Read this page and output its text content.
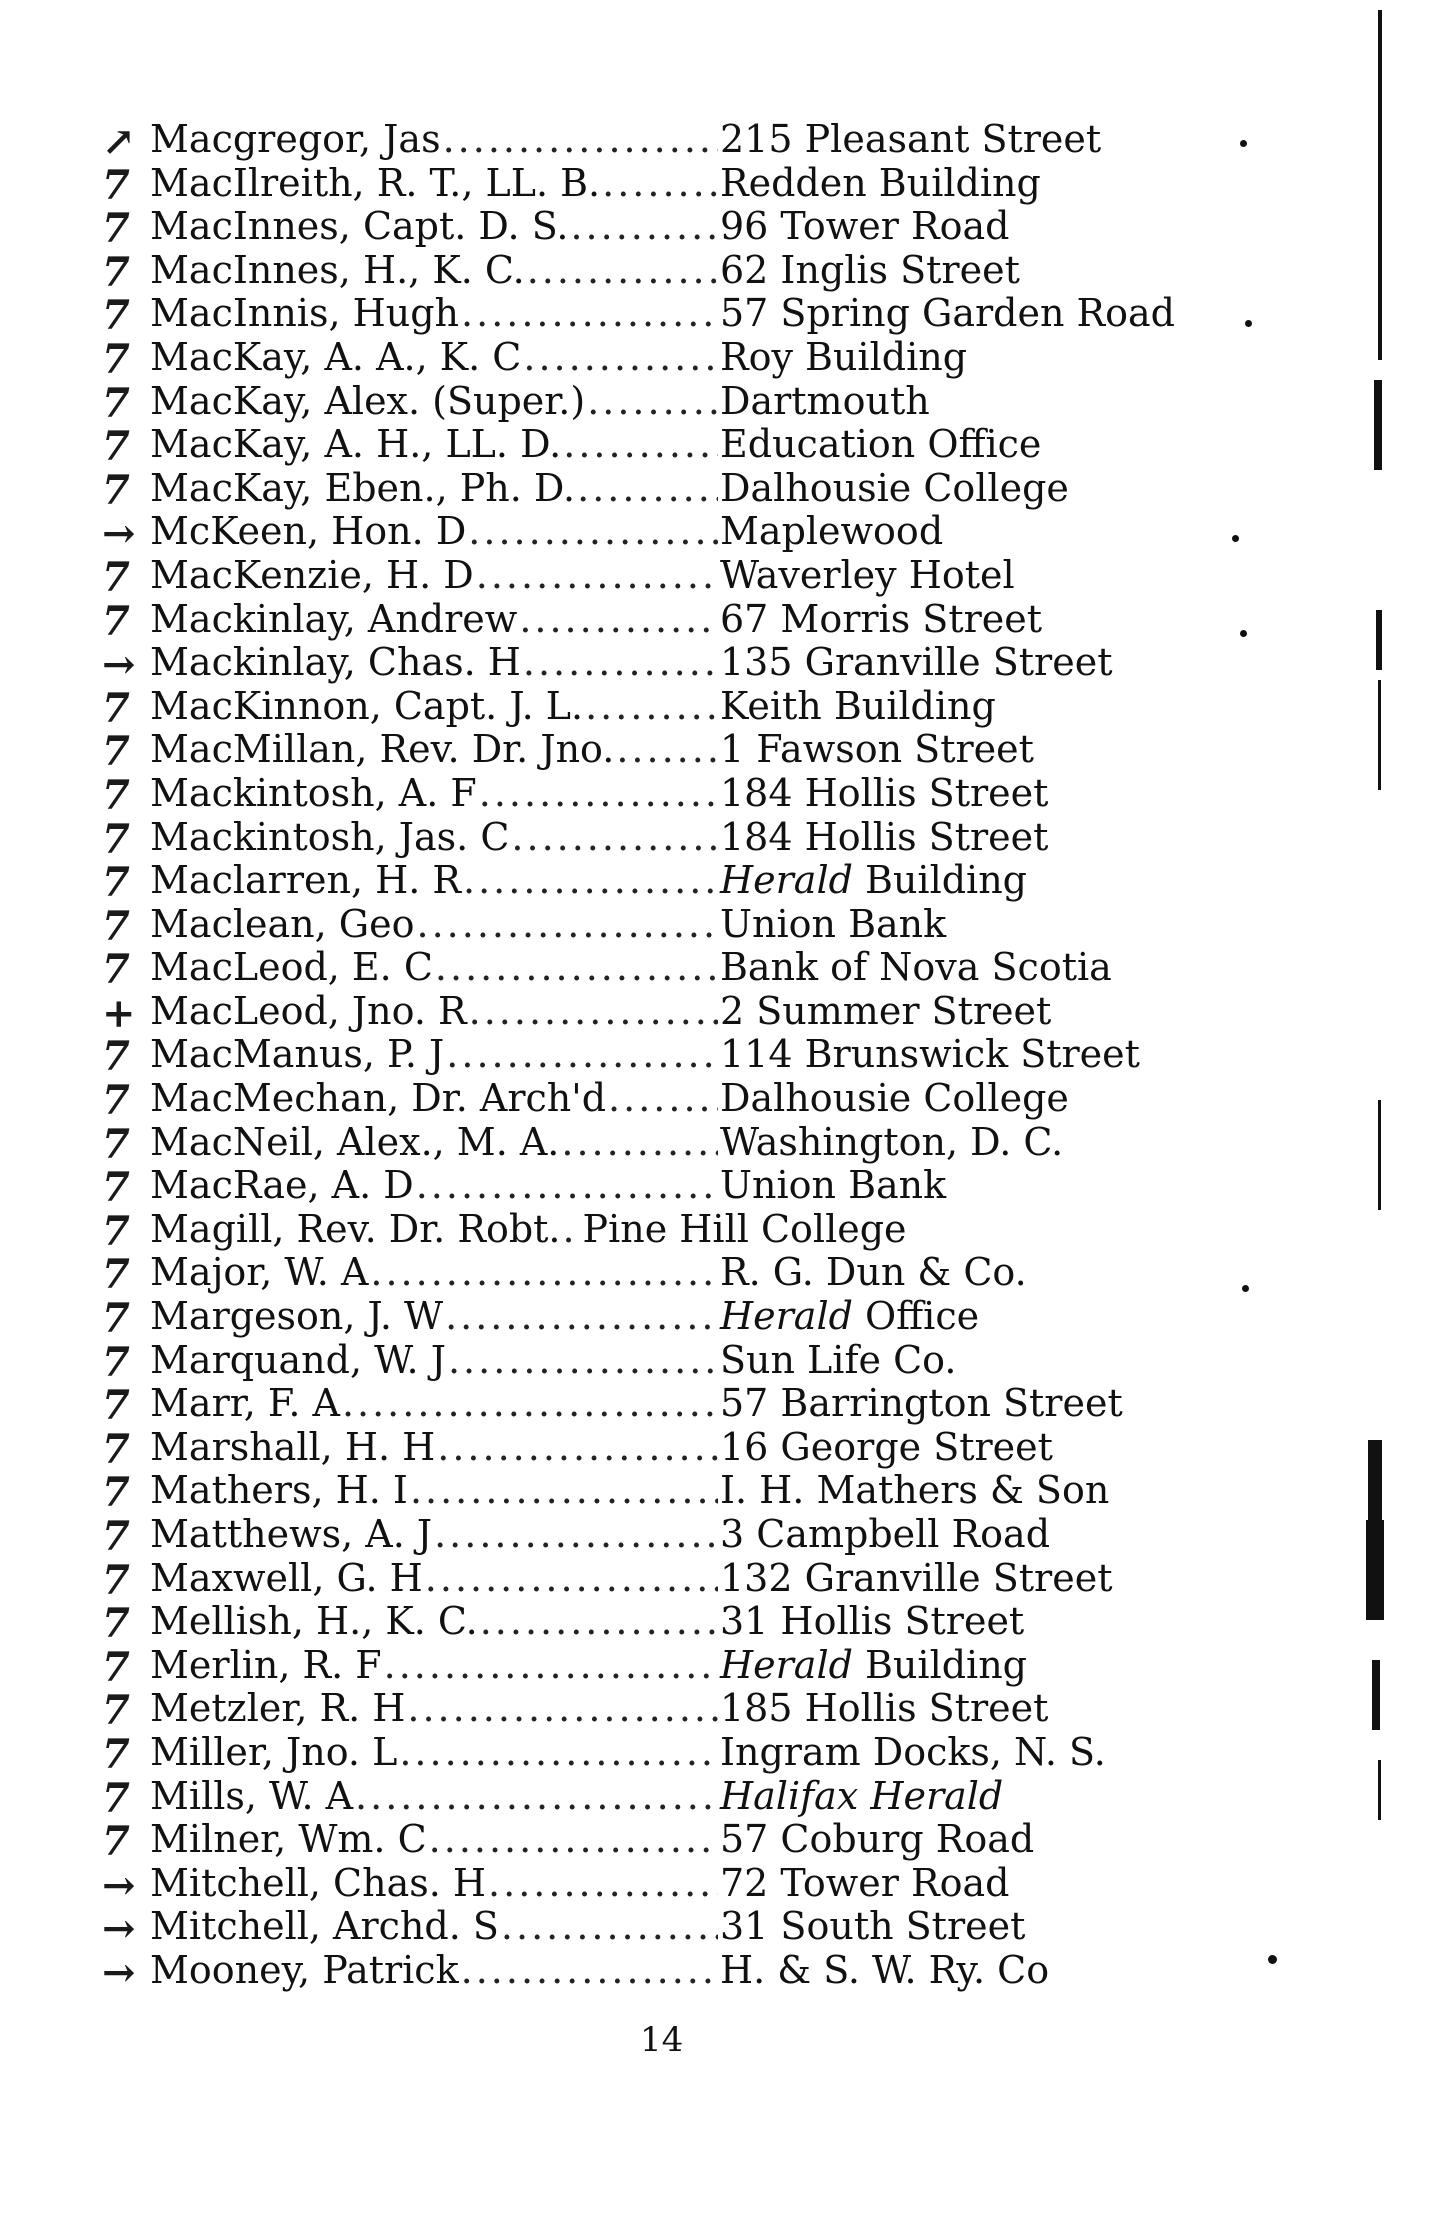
↗ Macgregor, Jas .....	215 Pleasant Street
7 MacIlreith, R. T., LL. B. .....	Redden Building
7 MacInnes, Capt. D. S. .....	96 Tower Road
7 MacInnes, H., K. C. .....	62 Inglis Street
7 MacInnis, Hugh .....	57 Spring Garden Road
7 MacKay, A. A., K. C .....	Roy Building
7 MacKay, Alex. (Super.) .....	Dartmouth
7 MacKay, A. H., LL. D. .....	Education Office
7 MacKay, Eben., Ph. D. .....	Dalhousie College
→ McKeen, Hon. D .....	Maplewood
7 MacKenzie, H. D .....	Waverley Hotel
7 Mackinlay, Andrew .....	67 Morris Street
→ Mackinlay, Chas. H .....	135 Granville Street
7 MacKinnon, Capt. J. L. .....	Keith Building
7 MacMillan, Rev. Dr. Jno. .....	1 Fawson Street
7 Mackintosh, A. F .....	184 Hollis Street
7 Mackintosh, Jas. C .....	184 Hollis Street
7 Maclarren, H. R .....	Herald Building
7 Maclean, Geo .....	Union Bank
7 MacLeod, E. C .....	Bank of Nova Scotia
+ MacLeod, Jno. R .....	2 Summer Street
7 MacManus, P. J .....	114 Brunswick Street
7 MacMechan, Dr. Arch'd .....	Dalhousie College
7 MacNeil, Alex., M. A. .....	Washington, D. C.
7 MacRae, A. D .....	Union Bank
7 Magill, Rev. Dr. Robt. ..... Pine Hill College
7 Major, W. A .....	R. G. Dun & Co.
7 Margeson, J. W .....	Herald Office
7 Marquand, W. J .....	Sun Life Co.
7 Marr, F. A .....	57 Barrington Street
7 Marshall, H. H .....	16 George Street
7 Mathers, H. I .....	I. H. Mathers & Son
7 Matthews, A. J .....	3 Campbell Road
7 Maxwell, G. H .....	132 Granville Street
7 Mellish, H., K. C. .....	31 Hollis Street
7 Merlin, R. F .....	Herald Building
7 Metzler, R. H .....	185 Hollis Street
7 Miller, Jno. L .....	Ingram Docks, N. S.
7 Mills, W. A .....	Halifax Herald
7 Milner, Wm. C .....	57 Coburg Road
→ Mitchell, Chas. H .....	72 Tower Road
→ Mitchell, Archd. S .....	31 South Street
→ Mooney, Patrick .....	H. & S. W. Ry. Co
14
